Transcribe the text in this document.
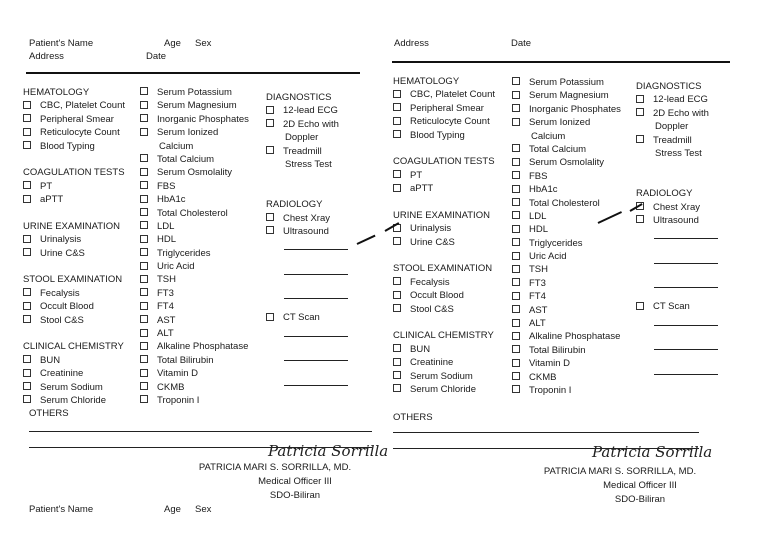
Patient's Name	Age Sex
Address	Date
HEMATOLOGY
CBC, Platelet Count
Peripheral Smear
Reticulocyte Count
Blood Typing
COAGULATION TESTS
PT
aPTT
URINE EXAMINATION
Urinalysis
Urine C&S
STOOL EXAMINATION
Fecalysis
Occult Blood
Stool C&S
CLINICAL CHEMISTRY
BUN
Creatinine
Serum Sodium
Serum Chloride
Serum Potassium
Serum Magnesium
Inorganic Phosphates
Serum Ionized
Calcium
Total Calcium
Serum Osmolality
FBS
HbA1c
Total Cholesterol
LDL
HDL
Triglycerides
Uric Acid
TSH
FT3
FT4
AST
ALT
Alkaline Phosphatase
Total Bilirubin
Vitamin D
CKMB
Troponin I
DIAGNOSTICS
12-lead ECG
2D Echo with
Doppler
Treadmill
Stress Test
RADIOLOGY
Chest Xray
Ultrasound
CT Scan
OTHERS
Patricia Sorrilla
PATRICIA MARI S. SORRILLA, MD.
Medical Officer III
SDO-Biliran
Address	Date
HEMATOLOGY
CBC, Platelet Count
Peripheral Smear
Reticulocyte Count
Blood Typing
COAGULATION TESTS
PT
aPTT
URINE EXAMINATION
Urinalysis
Urine C&S
STOOL EXAMINATION
Fecalysis
Occult Blood
Stool C&S
CLINICAL CHEMISTRY
BUN
Creatinine
Serum Sodium
Serum Chloride
Serum Potassium
Serum Magnesium
Inorganic Phosphates
Serum Ionized
Calcium
Total Calcium
Serum Osmolality
FBS
HbA1c
Total Cholesterol
LDL
HDL
Triglycerides
Uric Acid
TSH
FT3
FT4
AST
ALT
Alkaline Phosphatase
Total Bilirubin
Vitamin D
CKMB
Troponin I
DIAGNOSTICS
12-lead ECG
2D Echo with
Doppler
Treadmill
Stress Test
RADIOLOGY
Chest Xray
Ultrasound
CT Scan
OTHERS
Patricia Sorrilla
PATRICIA MARI S. SORRILLA, MD.
Medical Officer III
SDO-Biliran
Patient's Name	Age Sex
